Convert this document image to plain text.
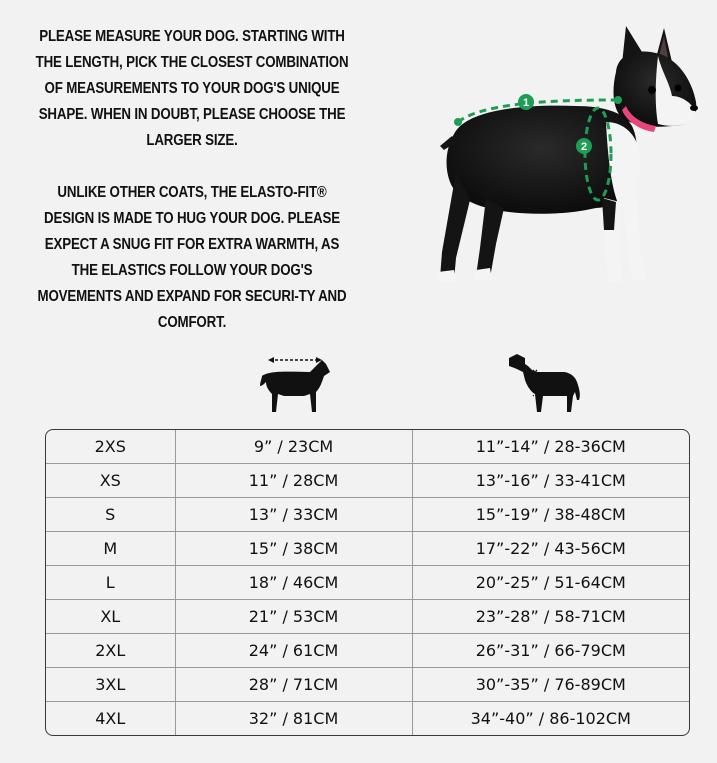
PLEASE MEASURE YOUR DOG. STARTING WITH THE LENGTH, PICK THE CLOSEST COMBINATION OF MEASUREMENTS TO YOUR DOG'S UNIQUE SHAPE. WHEN IN DOUBT, PLEASE CHOOSE THE LARGER SIZE.

UNLIKE OTHER COATS, THE ELASTO-FIT® DESIGN IS MADE TO HUG YOUR DOG. PLEASE EXPECT A SNUG FIT FOR EXTRA WARMTH, AS THE ELASTICS FOLLOW YOUR DOG'S MOVEMENTS AND EXPAND FOR SECURI-TY AND COMFORT.

1
2
2XS	9” / 23CM	11”-14” / 28-36CM
XS	11” / 28CM	13”-16” / 33-41CM
S	13” / 33CM	15”-19” / 38-48CM
M	15” / 38CM	17”-22” / 43-56CM
L	18” / 46CM	20”-25” / 51-64CM
XL	21” / 53CM	23”-28” / 58-71CM
2XL	24” / 61CM	26”-31” / 66-79CM
3XL	28” / 71CM	30”-35” / 76-89CM
4XL	32” / 81CM	34”-40” / 86-102CM
